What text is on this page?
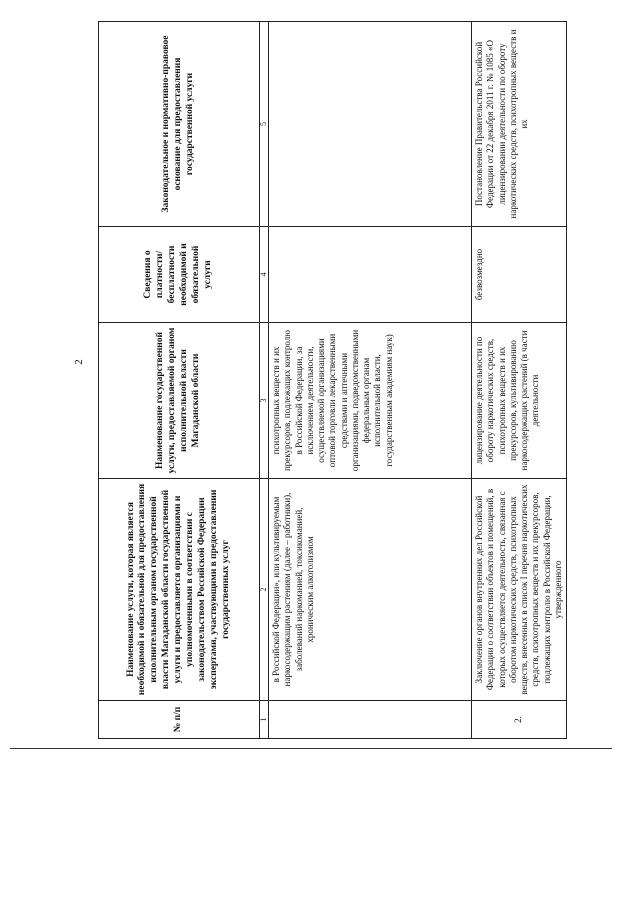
2
№ п/п	Наименование услуги, которая является необходимой и обязательной для предоставления исполнительным органом государственной власти Магаданской области государственной услуги и предоставляется организациями и уполномоченными в соответствии с законодательством Российской Федерации экспертами, участвующими в предоставлении государственных услуг	Наименование государственной услуги, предоставляемой органом исполнительной власти Магаданской области	Сведения о платности/ бесплатности необходимой и обязательной услуги	Законодательное и нормативно-правовое основание для предоставления государственной услуги
1	2	3	4	5
	в Российской Федерации», или культивируемым наркосодержащим растениям (далее – работники), заболеваний наркоманией, токсикоманией, хроническим алкоголизмом	психотропных веществ и их прекурсоров, подлежащих контролю в Российской Федерации, за исключением деятельности, осуществляемой организациями оптовой торговли лекарственными средствами и аптечными организациями, подведомственными федеральным органам исполнительной власти, государственным академиям наук)		
2.	Заключение органов внутренних дел Российской Федерации о соответствии объектов и помещений, в которых осуществляется деятельность, связанная с оборотом наркотических средств, психотропных веществ, внесенных в список I перечня наркотических средств, психотропных веществ и их прекурсоров, подлежащих контролю в Российской Федерации, утвержденного	лицензирование деятельности по обороту наркотических средств, психотропных веществ и их прекурсоров, культивированию наркосодержащих растений (в части деятельности	безвозмездно	Постановление Правительства Российской Федерации от 22 декабря 2011 г. № 1085 «О лицензировании деятельности по обороту наркотических средств, психотропных веществ и их
